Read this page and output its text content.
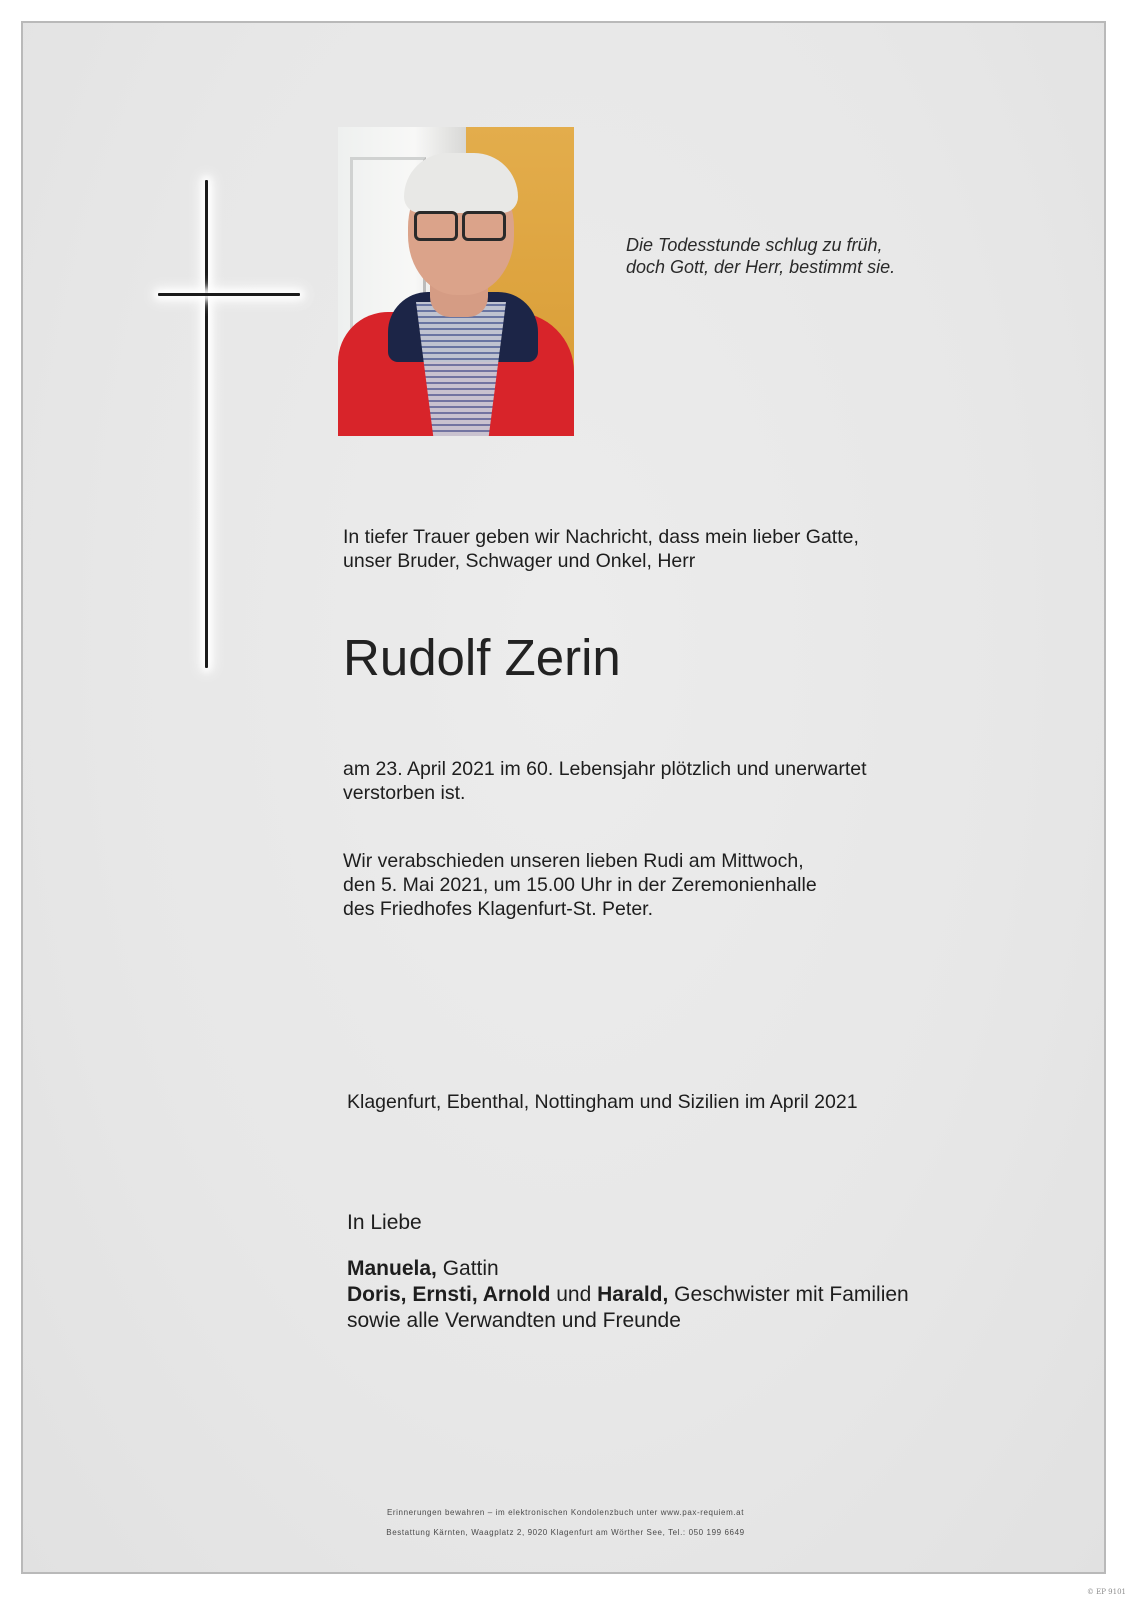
Die Todesstunde schlug zu früh,
doch Gott, der Herr, bestimmt sie.
In tiefer Trauer geben wir Nachricht, dass mein lieber Gatte,
unser Bruder, Schwager und Onkel, Herr
Rudolf Zerin
am 23. April 2021 im 60. Lebensjahr plötzlich und unerwartet
verstorben ist.
Wir verabschieden unseren lieben Rudi am Mittwoch,
den 5. Mai 2021, um 15.00 Uhr in der Zeremonienhalle
des Friedhofes Klagenfurt-St. Peter.
Klagenfurt, Ebenthal, Nottingham und Sizilien im April 2021
In Liebe
Manuela, Gattin
Doris, Ernsti, Arnold und Harald, Geschwister mit Familien
sowie alle Verwandten und Freunde
Erinnerungen bewahren – im elektronischen Kondolenzbuch unter www.pax-requiem.at
Bestattung Kärnten, Waagplatz 2, 9020 Klagenfurt am Wörther See, Tel.: 050 199 6649
© EP 9101
